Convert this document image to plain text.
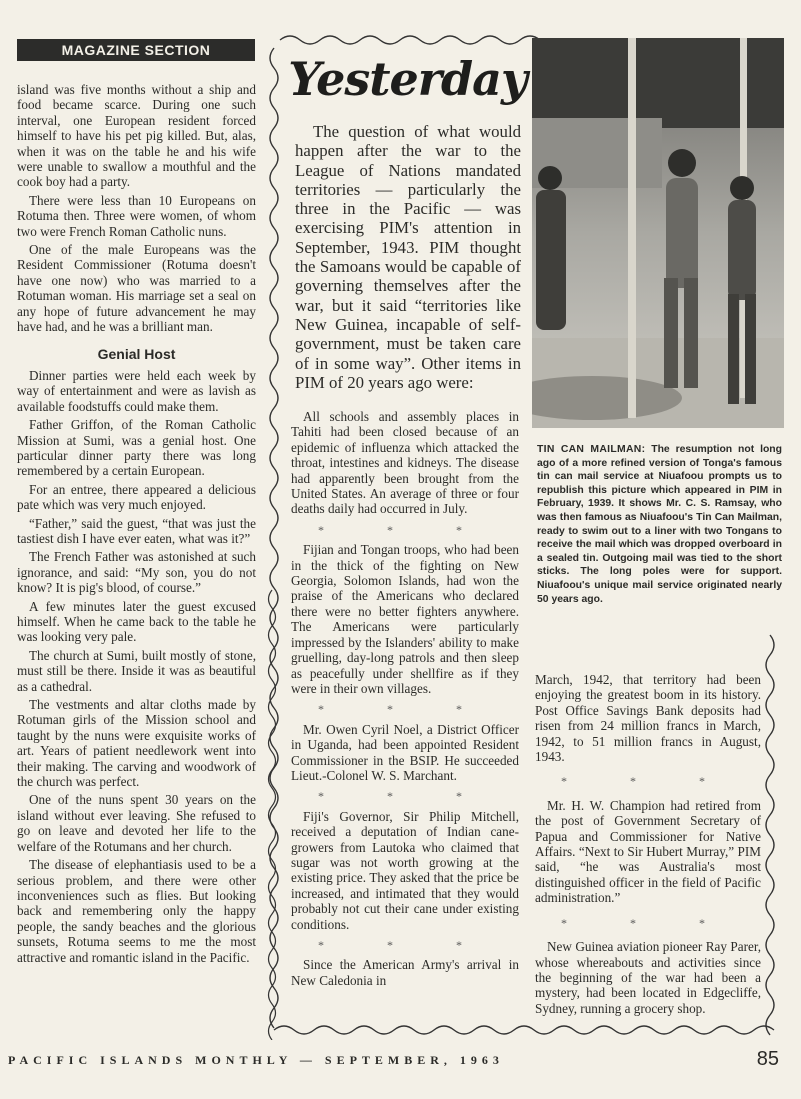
MAGAZINE SECTION

island was five months without a ship and food became scarce. During one such interval, one European resident forced himself to have his pet pig killed. But, alas, when it was on the table he and his wife were unable to swallow a mouthful and the cook boy had a party.

There were less than 10 Europeans on Rotuma then. Three were women, of whom two were French Roman Catholic nuns.

One of the male Europeans was the Resident Commissioner (Rotuma doesn't have one now) who was married to a Rotuman woman. His marriage set a seal on any hope of future advancement he may have had, and he was a brilliant man.

Genial Host

Dinner parties were held each week by way of entertainment and were as lavish as available foodstuffs could make them.

Father Griffon, of the Roman Catholic Mission at Sumi, was a genial host. One particular dinner party there was long remembered by a certain European.

For an entree, there appeared a delicious pate which was very much enjoyed.

“Father,” said the guest, “that was just the tastiest dish I have ever eaten, what was it?”

The French Father was astonished at such ignorance, and said: “My son, you do not know? It is pig's blood, of course.”

A few minutes later the guest excused himself. When he came back to the table he was looking very pale.

The church at Sumi, built mostly of stone, must still be there. Inside it was as beautiful as a cathedral.

The vestments and altar cloths made by Rotuman girls of the Mission school and taught by the nuns were exquisite works of art. Years of patient needlework went into their making. The carving and woodwork of the church was perfect.

One of the nuns spent 30 years on the island without ever leaving. She refused to go on leave and devoted her life to the welfare of the Rotumans and her church.

The disease of elephantiasis used to be a serious problem, and there were other inconveniences such as flies. But looking back and remembering only the happy people, the sandy beaches and the glorious sunsets, Rotuma seems to me the most attractive and romantic island in the Pacific.

Yesterday

The question of what would happen after the war to the League of Nations mandated territories — particularly the three in the Pacific — was exercising PIM's attention in September, 1943. PIM thought the Samoans would be capable of governing themselves after the war, but it said “territories like New Guinea, incapable of self-government, must be taken care of in some way”. Other items in PIM of 20 years ago were:

All schools and assembly places in Tahiti had been closed because of an epidemic of influenza which attacked the throat, intestines and kidneys. The disease had apparently been brought from the United States. An average of three or four deaths daily had occurred in July.

* * *

Fijian and Tongan troops, who had been in the thick of the fighting on New Georgia, Solomon Islands, had won the praise of the Americans who declared there were no better fighters anywhere. The Americans were particularly impressed by the Islanders' ability to make gruelling, day-long patrols and then sleep as peacefully under shellfire as if they were in their own villages.

* * *

Mr. Owen Cyril Noel, a District Officer in Uganda, had been appointed Resident Commissioner in the BSIP. He succeeded Lieut.-Colonel W. S. Marchant.

* * *

Fiji's Governor, Sir Philip Mitchell, received a deputation of Indian cane-growers from Lautoka who claimed that sugar was not worth growing at the existing price. They asked that the price be increased, and intimated that they would probably not cut their cane under existing conditions.

* * *

Since the American Army's arrival in New Caledonia in

TIN CAN MAILMAN: The resumption not long ago of a more refined version of Tonga's famous tin can mail service at Niuafoou prompts us to republish this picture which appeared in PIM in February, 1939. It shows Mr. C. S. Ramsay, who was then famous as Niuafoou's Tin Can Mailman, ready to swim out to a liner with two Tongans to receive the mail which was dropped overboard in a sealed tin. Outgoing mail was tied to the short sticks. The long poles were for support. Niuafoou's unique mail service originated nearly 50 years ago.

March, 1942, that territory had been enjoying the greatest boom in its history. Post Office Savings Bank deposits had risen from 24 million francs in March, 1942, to 51 million francs in August, 1943.

* * *

Mr. H. W. Champion had retired from the post of Government Secretary of Papua and Commissioner for Native Affairs. “Next to Sir Hubert Murray,” PIM said, “he was Australia's most distinguished officer in the field of Pacific administration.”

* * *

New Guinea aviation pioneer Ray Parer, whose whereabouts and activities since the beginning of the war had been a mystery, had been located in Edgecliffe, Sydney, running a grocery shop.

PACIFIC ISLANDS MONTHLY — SEPTEMBER, 1963	85
